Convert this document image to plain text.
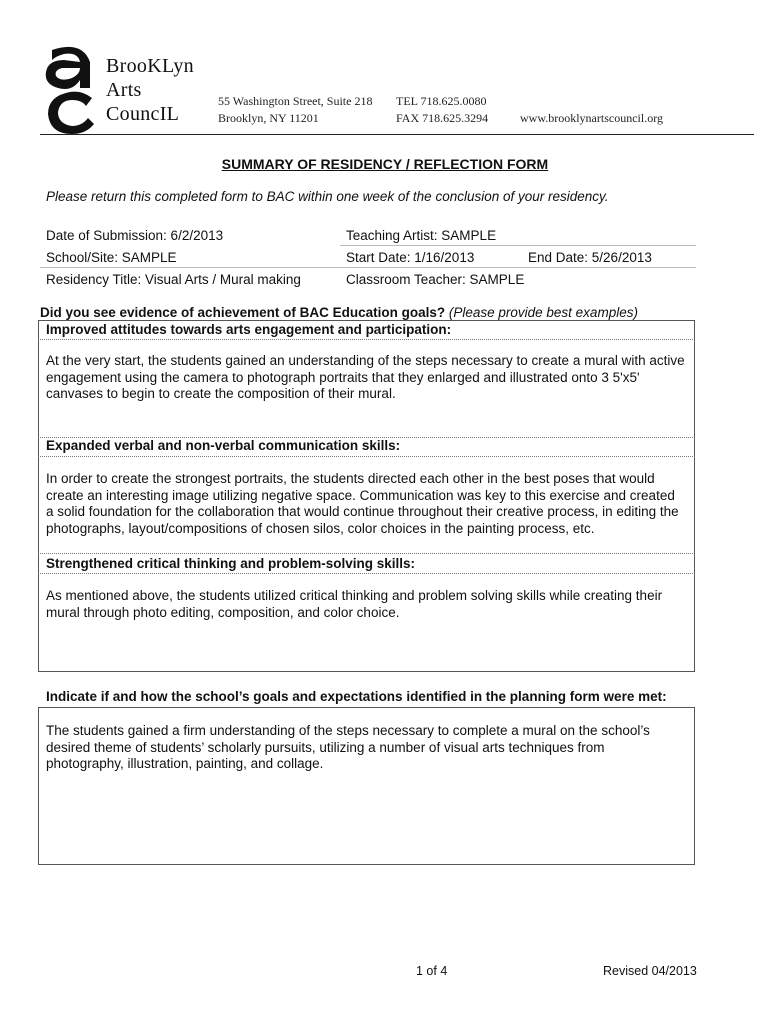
BrooKLyn
Arts
CouncIL
55 Washington Street, Suite 218
Brooklyn, NY 11201
TEL 718.625.0080
FAX 718.625.3294	www.brooklynartscouncil.org
SUMMARY OF RESIDENCY / REFLECTION FORM
Please return this completed form to BAC within one week of the conclusion of your residency.
Date of Submission: 6/2/2013	Teaching Artist: SAMPLE
School/Site: SAMPLE	Start Date: 1/16/2013	End Date: 5/26/2013
Residency Title: Visual Arts / Mural making	Classroom Teacher: SAMPLE
Did you see evidence of achievement of BAC Education goals? (Please provide best examples)
Improved attitudes towards arts engagement and participation:
At the very start, the students gained an understanding of the steps necessary to create a mural with active engagement using the camera to photograph portraits that they enlarged and illustrated onto 3 5'x5' canvases to begin to create the composition of their mural.
Expanded verbal and non-verbal communication skills:
In order to create the strongest portraits, the students directed each other in the best poses that would create an interesting image utilizing negative space. Communication was key to this exercise and created a solid foundation for the collaboration that would continue throughout their creative process, in editing the photographs, layout/compositions of chosen silos, color choices in the painting process, etc.
Strengthened critical thinking and problem-solving skills:
As mentioned above, the students utilized critical thinking and problem solving skills while creating their mural through photo editing, composition, and color choice.
Indicate if and how the school’s goals and expectations identified in the planning form were met:
The students gained a firm understanding of the steps necessary to complete a mural on the school’s desired theme of students’ scholarly pursuits, utilizing a number of visual arts techniques from photography, illustration, painting, and collage.
1 of 4	Revised 04/2013
